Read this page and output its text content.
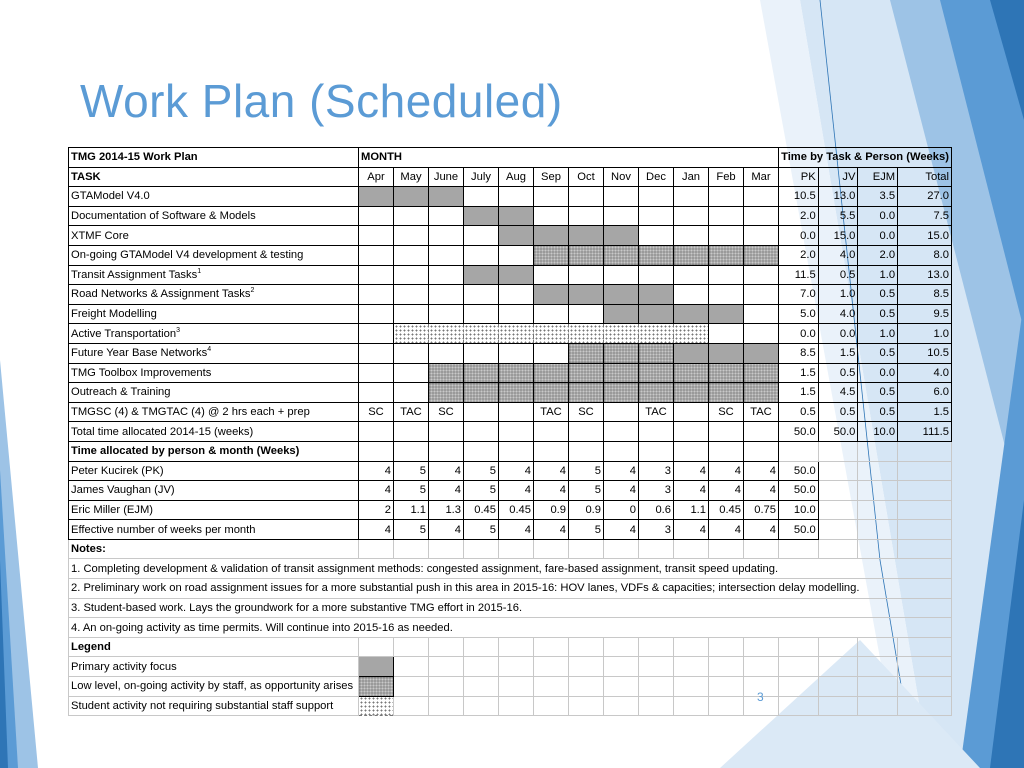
Work Plan (Scheduled)
TMG 2014-15 Work Plan	MONTH												Time by Task & Person (Weeks)			
TASK	Apr	May	June	July	Aug	Sep	Oct	Nov	Dec	Jan	Feb	Mar	PK	JV	EJM	Total
GTAModel V4.0													10.5	13.0	3.5	27.0
Documentation of Software & Models													2.0	5.5	0.0	7.5
XTMF Core													0.0	15.0	0.0	15.0
On-going GTAModel V4 development & testing													2.0	4.0	2.0	8.0
Transit Assignment Tasks$^1$													11.5	0.5	1.0	13.0
Road Networks & Assignment Tasks$^2$													7.0	1.0	0.5	8.5
Freight Modelling													5.0	4.0	0.5	9.5
Active Transportation$^3$													0.0	0.0	1.0	1.0
Future Year Base Networks$^4$													8.5	1.5	0.5	10.5
TMG Toolbox Improvements													1.5	0.5	0.0	4.0
Outreach & Training													1.5	4.5	0.5	6.0
TMGSC (4) & TMGTAC (4) @ 2 hrs each + prep	SC	TAC	SC			TAC	SC		TAC		SC	TAC	0.5	0.5	0.5	1.5
Total time allocated 2014-15 (weeks)													50.0	50.0	10.0	111.5
Time allocated by person & month (Weeks)																
Peter Kucirek (PK)	4	5	4	5	4	4	5	4	3	4	4	4	50.0			
James Vaughan (JV)	4	5	4	5	4	4	5	4	3	4	4	4	50.0			
Eric Miller (EJM)	2	1.1	1.3	0.45	0.45	0.9	0.9	0	0.6	1.1	0.45	0.75	10.0			
Effective number of weeks per month	4	5	4	5	4	4	5	4	3	4	4	4	50.0			
Notes:																
1. Completing development & validation of transit assignment methods: congested assignment, fare-based assignment, transit speed updating.																
2. Preliminary work on road assignment issues for a more substantial push in this area in 2015-16: HOV lanes, VDFs & capacities; intersection delay modelling.																
3. Student-based work. Lays the groundwork for a more substantive TMG effort in 2015-16.																
4. An on-going activity as time permits. Will continue into 2015-16 as needed.																
Legend																
Primary activity focus																
Low level, on-going activity by staff, as opportunity arises																
Student activity not requiring substantial staff support																
3
